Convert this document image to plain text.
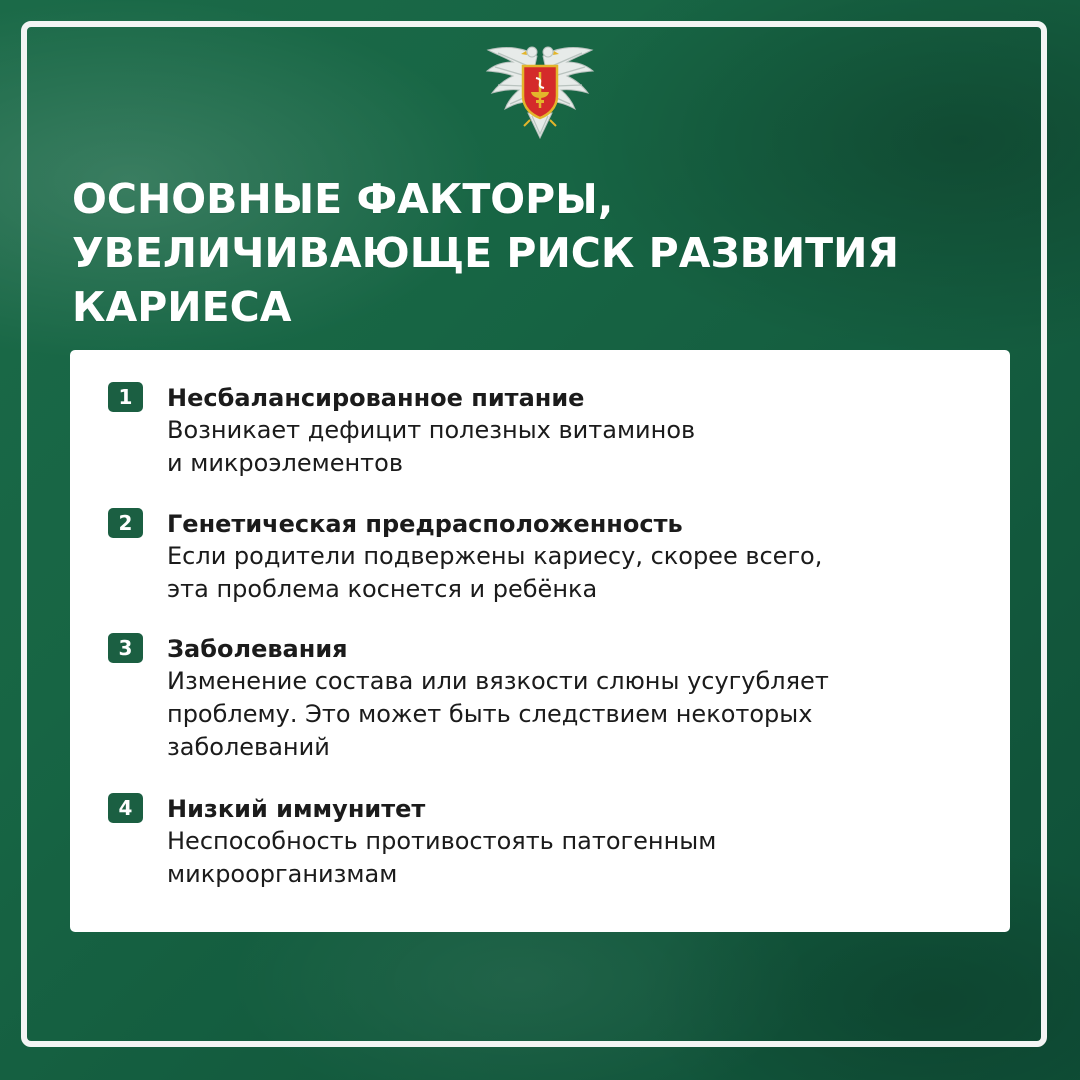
ОСНОВНЫЕ ФАКТОРЫ,
УВЕЛИЧИВАЮЩЕ РИСК РАЗВИТИЯ
КАРИЕСА
1	Несбалансированное питание
Возникает дефицит полезных витаминов
и микроэлементов
2	Генетическая предрасположенность
Если родители подвержены кариесу, скорее всего,
эта проблема коснется и ребёнка
3	Заболевания
Изменение состава или вязкости слюны усугубляет
проблему. Это может быть следствием некоторых
заболеваний
4	Низкий иммунитет
Неспособность противостоять патогенным
микроорганизмам
